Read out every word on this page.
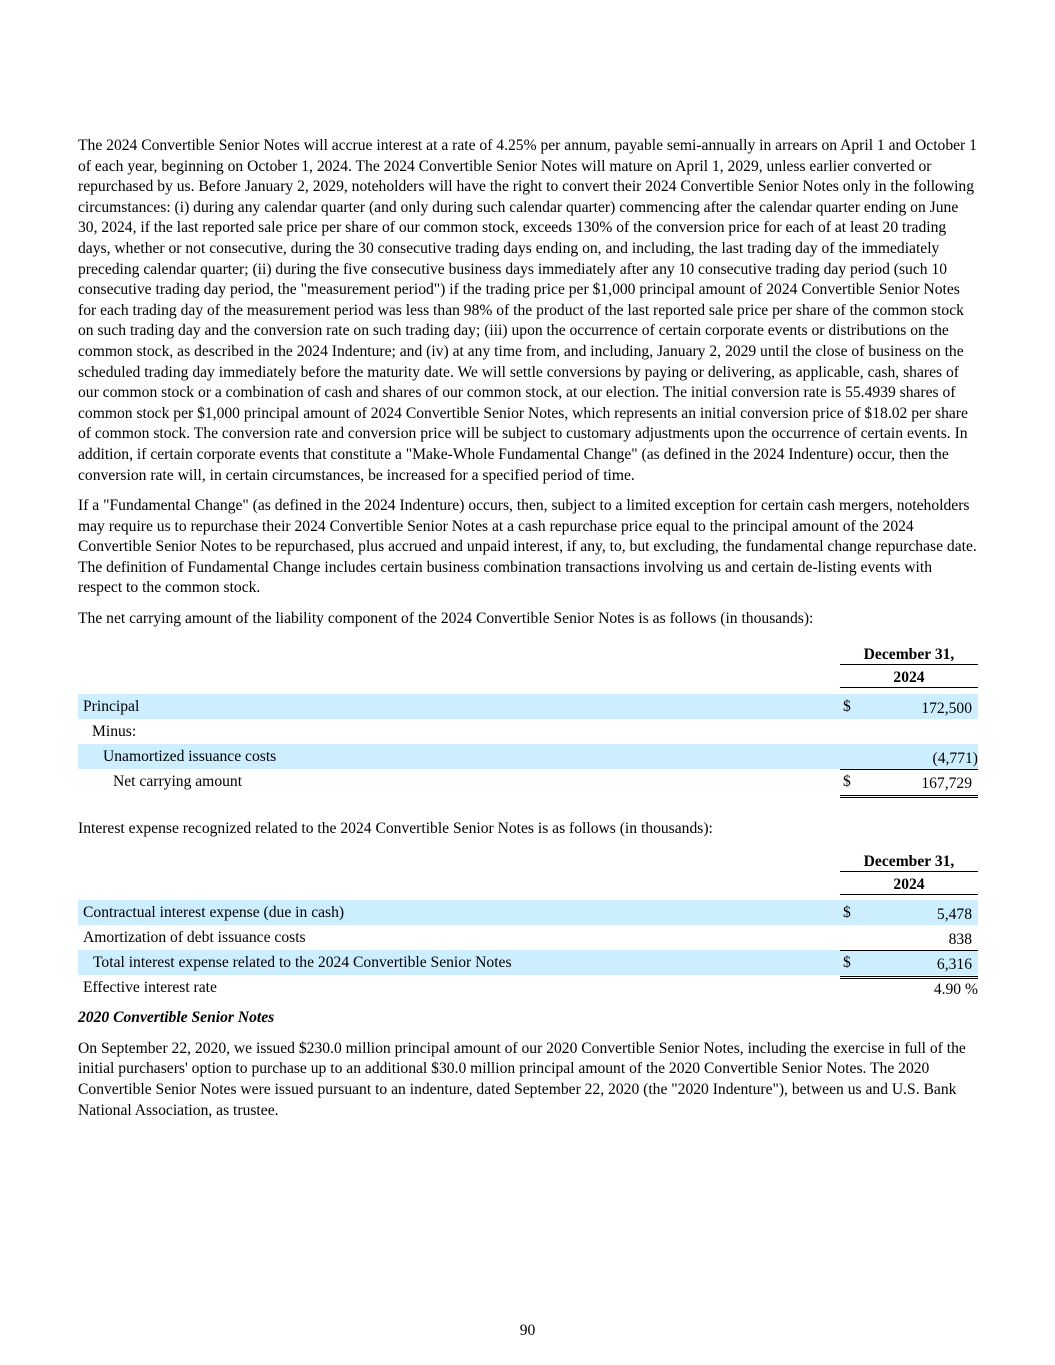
The 2024 Convertible Senior Notes will accrue interest at a rate of 4.25% per annum, payable semi-annually in arrears on April 1 and October 1 of each year, beginning on October 1, 2024. The 2024 Convertible Senior Notes will mature on April 1, 2029, unless earlier converted or repurchased by us. Before January 2, 2029, noteholders will have the right to convert their 2024 Convertible Senior Notes only in the following circumstances: (i) during any calendar quarter (and only during such calendar quarter) commencing after the calendar quarter ending on June 30, 2024, if the last reported sale price per share of our common stock, exceeds 130% of the conversion price for each of at least 20 trading days, whether or not consecutive, during the 30 consecutive trading days ending on, and including, the last trading day of the immediately preceding calendar quarter; (ii) during the five consecutive business days immediately after any 10 consecutive trading day period (such 10 consecutive trading day period, the "measurement period") if the trading price per $1,000 principal amount of 2024 Convertible Senior Notes for each trading day of the measurement period was less than 98% of the product of the last reported sale price per share of the common stock on such trading day and the conversion rate on such trading day; (iii) upon the occurrence of certain corporate events or distributions on the common stock, as described in the 2024 Indenture; and (iv) at any time from, and including, January 2, 2029 until the close of business on the scheduled trading day immediately before the maturity date. We will settle conversions by paying or delivering, as applicable, cash, shares of our common stock or a combination of cash and shares of our common stock, at our election. The initial conversion rate is 55.4939 shares of common stock per $1,000 principal amount of 2024 Convertible Senior Notes, which represents an initial conversion price of $18.02 per share of common stock. The conversion rate and conversion price will be subject to customary adjustments upon the occurrence of certain events. In addition, if certain corporate events that constitute a "Make-Whole Fundamental Change" (as defined in the 2024 Indenture) occur, then the conversion rate will, in certain circumstances, be increased for a specified period of time.

If a "Fundamental Change" (as defined in the 2024 Indenture) occurs, then, subject to a limited exception for certain cash mergers, noteholders may require us to repurchase their 2024 Convertible Senior Notes at a cash repurchase price equal to the principal amount of the 2024 Convertible Senior Notes to be repurchased, plus accrued and unpaid interest, if any, to, but excluding, the fundamental change repurchase date. The definition of Fundamental Change includes certain business combination transactions involving us and certain de-listing events with respect to the common stock.

The net carrying amount of the liability component of the 2024 Convertible Senior Notes is as follows (in thousands):

December 31,
2024
Principal	$	172,500
Minus:
Unamortized issuance costs	(4,771)
Net carrying amount	$	167,729

Interest expense recognized related to the 2024 Convertible Senior Notes is as follows (in thousands):

December 31,
2024
Contractual interest expense (due in cash)	$	5,478
Amortization of debt issuance costs	838
Total interest expense related to the 2024 Convertible Senior Notes	$	6,316
Effective interest rate	4.90 %

2020 Convertible Senior Notes

On September 22, 2020, we issued $230.0 million principal amount of our 2020 Convertible Senior Notes, including the exercise in full of the initial purchasers' option to purchase up to an additional $30.0 million principal amount of the 2020 Convertible Senior Notes. The 2020 Convertible Senior Notes were issued pursuant to an indenture, dated September 22, 2020 (the "2020 Indenture"), between us and U.S. Bank National Association, as trustee.

90
